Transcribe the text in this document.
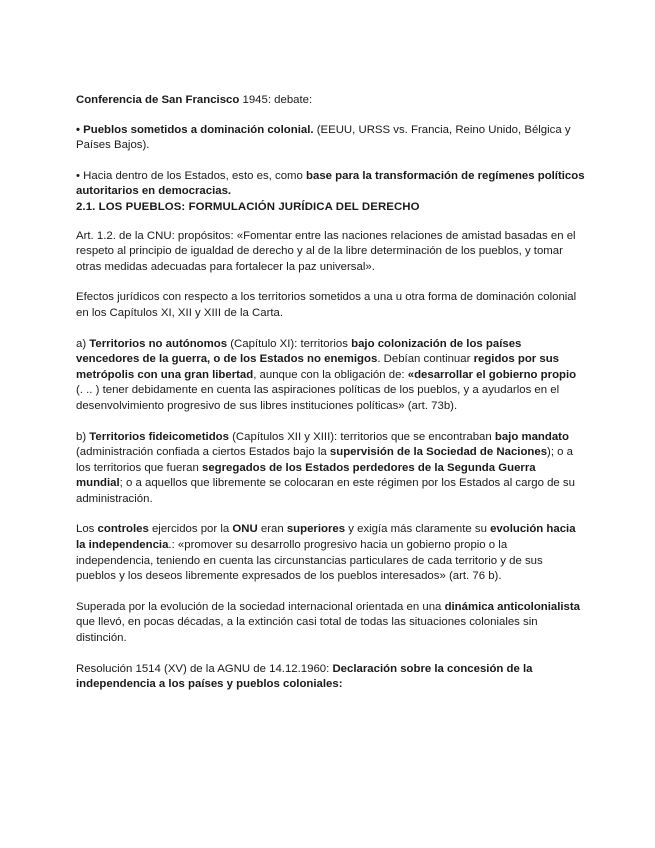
Conferencia de San Francisco 1945: debate:

• Pueblos sometidos a dominación colonial. (EEUU, URSS vs. Francia, Reino Unido, Bélgica y Países Bajos).

• Hacia dentro de los Estados, esto es, como base para la transformación de regímenes políticos autoritarios en democracias.

2.1. LOS PUEBLOS: FORMULACIÓN JURÍDICA DEL DERECHO

Art. 1.2. de la CNU: propósitos: «Fomentar entre las naciones relaciones de amistad basadas en el respeto al principio de igualdad de derecho y al de la libre determinación de los pueblos, y tomar otras medidas adecuadas para fortalecer la paz universal».

Efectos jurídicos con respecto a los territorios sometidos a una u otra forma de dominación colonial en los Capítulos XI, XII y XIII de la Carta.

a) Territorios no autónomos (Capítulo XI): territorios bajo colonización de los países vencedores de la guerra, o de los Estados no enemigos. Debían continuar regidos por sus metrópolis con una gran libertad, aunque con la obligación de: «desarrollar el gobierno propio (. .. ) tener debidamente en cuenta las aspiraciones políticas de los pueblos, y a ayudarlos en el desenvolvimiento progresivo de sus libres instituciones políticas» (art. 73b).

b) Territorios fideicometidos (Capítulos XII y XIII): territorios que se encontraban bajo mandato (administración confiada a ciertos Estados bajo la supervisión de la Sociedad de Naciones); o a los territorios que fueran segregados de los Estados perdedores de la Segunda Guerra mundial; o a aquellos que libremente se colocaran en este régimen por los Estados al cargo de su administración.

Los controles ejercidos por la ONU eran superiores y exigía más claramente su evolución hacia la independencia.: «promover su desarrollo progresivo hacia un gobierno propio o la independencia, teniendo en cuenta las circunstancias particulares de cada territorio y de sus pueblos y los deseos libremente expresados de los pueblos interesados» (art. 76 b).

Superada por la evolución de la sociedad internacional orientada en una dinámica anticolonialista que llevó, en pocas décadas, a la extinción casi total de todas las situaciones coloniales sin distinción.

Resolución 1514 (XV) de la AGNU de 14.12.1960: Declaración sobre la concesión de la independencia a los países y pueblos coloniales:
